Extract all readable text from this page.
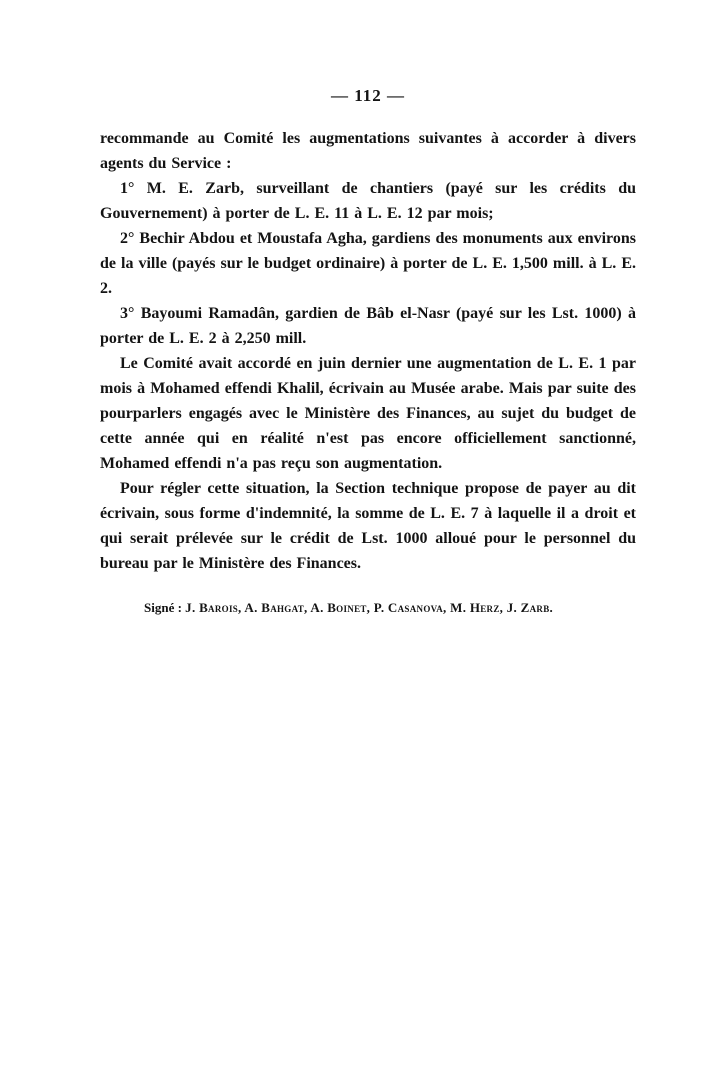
— 112 —

recommande au Comité les augmentations suivantes à accorder à divers agents du Service :

1° M. E. Zarb, surveillant de chantiers (payé sur les crédits du Gouvernement) à porter de L. E. 11 à L. E. 12 par mois;

2° Bechir Abdou et Moustafa Agha, gardiens des monuments aux environs de la ville (payés sur le budget ordinaire) à porter de L. E. 1,500 mill. à L. E. 2.

3° Bayoumi Ramadân, gardien de Bâb el-Nasr (payé sur les Lst. 1000) à porter de L. E. 2 à 2,250 mill.

Le Comité avait accordé en juin dernier une augmentation de L. E. 1 par mois à Mohamed effendi Khalil, écrivain au Musée arabe. Mais par suite des pourparlers engagés avec le Ministère des Finances, au sujet du budget de cette année qui en réalité n'est pas encore officiellement sanctionné, Mohamed effendi n'a pas reçu son augmentation.

Pour régler cette situation, la Section technique propose de payer au dit écrivain, sous forme d'indemnité, la somme de L. E. 7 à laquelle il a droit et qui serait prélevée sur le crédit de Lst. 1000 alloué pour le personnel du bureau par le Ministère des Finances.

Signé : J. Barois, A. Bahgat, A. Boinet, P. Casanova, M. Herz, J. Zarb.
